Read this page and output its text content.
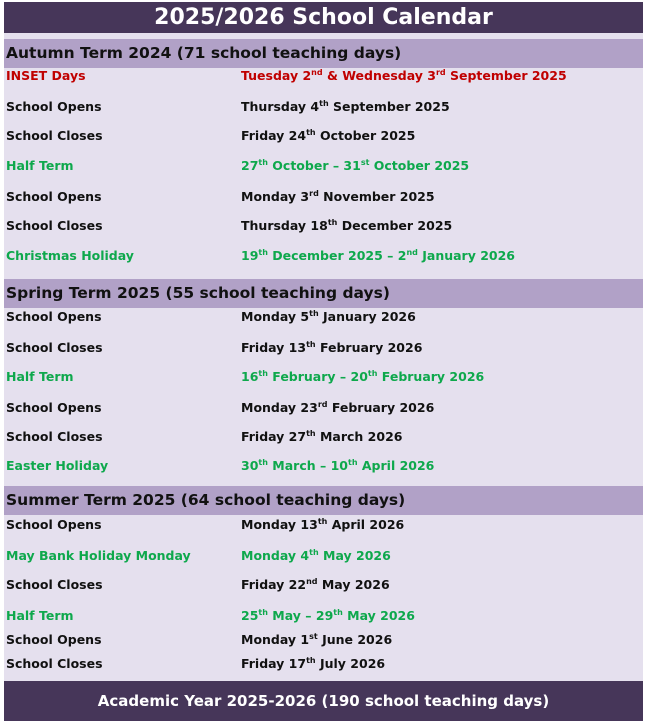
2025/2026 School Calendar
Autumn Term 2024 (71 school teaching days)
Spring Term 2025 (55 school teaching days)
Summer Term 2025 (64 school teaching days)
Academic Year 2025-2026 (190 school teaching days)
INSET Days	Tuesday 2nd & Wednesday 3rd September 2025
School Opens	Thursday 4th September 2025
School Closes	Friday 24th October 2025
Half Term	27th October – 31st October 2025
School Opens	Monday 3rd November 2025
School Closes	Thursday 18th December 2025
Christmas Holiday	19th December 2025 – 2nd January 2026
School Opens	Monday 5th January 2026
School Closes	Friday 13th February 2026
Half Term	16th February – 20th February 2026
School Opens	Monday 23rd February 2026
School Closes	Friday 27th March 2026
Easter Holiday	30th March – 10th April 2026
School Opens	Monday 13th April 2026
May Bank Holiday Monday	Monday 4th May 2026
School Closes	Friday 22nd May 2026
Half Term	25th May – 29th May 2026
School Opens	Monday 1st June 2026
School Closes	Friday 17th July 2026
